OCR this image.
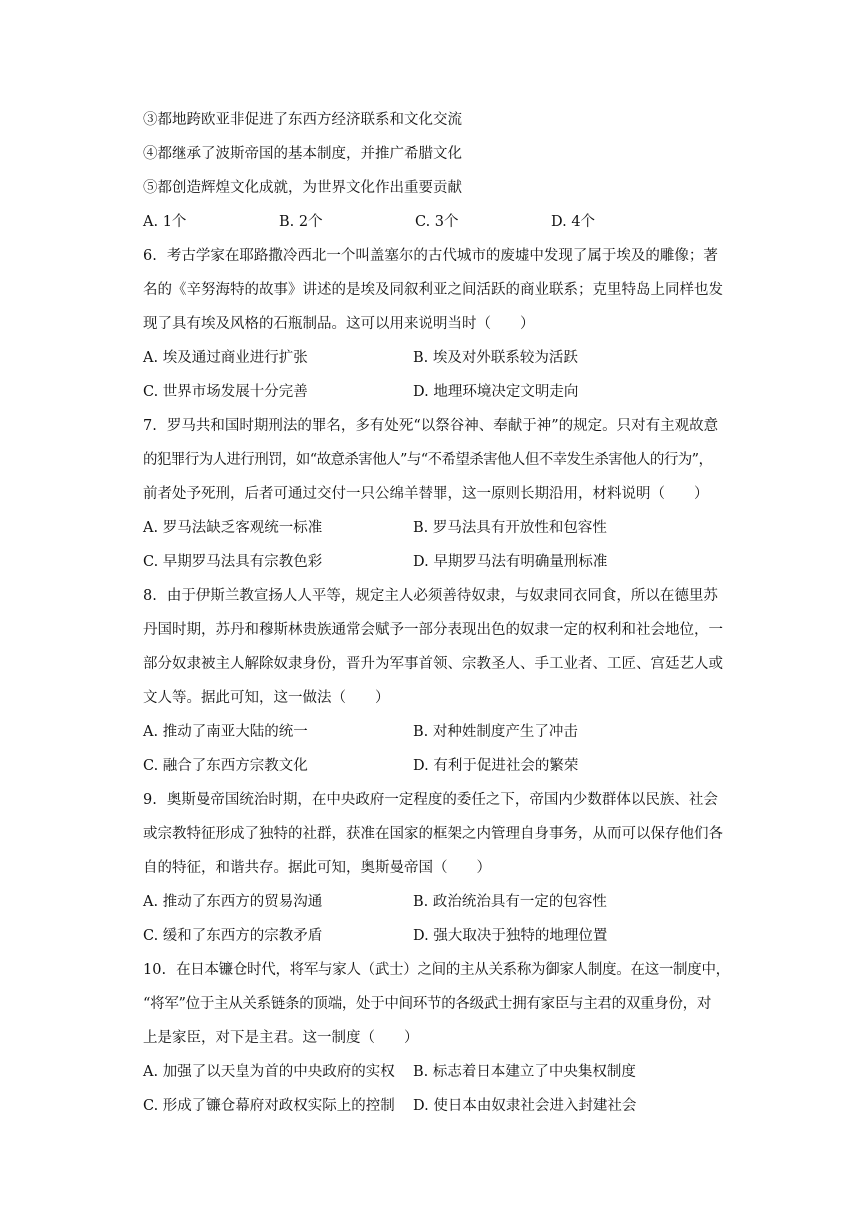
③都地跨欧亚非促进了东西方经济联系和文化交流
④都继承了波斯帝国的基本制度，并推广希腊文化
⑤都创造辉煌文化成就，为世界文化作出重要贡献
A. 1个	B. 2个	C. 3个	D. 4个
6. 考古学家在耶路撒冷西北一个叫盖塞尔的古代城市的废墟中发现了属于埃及的雕像；著
名的《辛努海特的故事》讲述的是埃及同叙利亚之间活跃的商业联系；克里特岛上同样也发
现了具有埃及风格的石瓶制品。这可以用来说明当时（　　）
A. 埃及通过商业进行扩张	B. 埃及对外联系较为活跃
C. 世界市场发展十分完善	D. 地理环境决定文明走向
7. 罗马共和国时期刑法的罪名，多有处死“以祭谷神、奉献于神”的规定。只对有主观故意
的犯罪行为人进行刑罚，如“故意杀害他人”与“不希望杀害他人但不幸发生杀害他人的行为”，
前者处予死刑，后者可通过交付一只公绵羊替罪，这一原则长期沿用，材料说明（　　）
A. 罗马法缺乏客观统一标准	B. 罗马法具有开放性和包容性
C. 早期罗马法具有宗教色彩	D. 早期罗马法有明确量刑标准
8. 由于伊斯兰教宣扬人人平等，规定主人必须善待奴隶，与奴隶同衣同食，所以在德里苏
丹国时期，苏丹和穆斯林贵族通常会赋予一部分表现出色的奴隶一定的权利和社会地位，一
部分奴隶被主人解除奴隶身份，晋升为军事首领、宗教圣人、手工业者、工匠、宫廷艺人或
文人等。据此可知，这一做法（　　）
A. 推动了南亚大陆的统一	B. 对种姓制度产生了冲击
C. 融合了东西方宗教文化	D. 有利于促进社会的繁荣
9. 奥斯曼帝国统治时期，在中央政府一定程度的委任之下，帝国内少数群体以民族、社会
或宗教特征形成了独特的社群，获准在国家的框架之内管理自身事务，从而可以保存他们各
自的特征，和谐共存。据此可知，奥斯曼帝国（　　）
A. 推动了东西方的贸易沟通	B. 政治统治具有一定的包容性
C. 缓和了东西方的宗教矛盾	D. 强大取决于独特的地理位置
10. 在日本镰仓时代，将军与家人（武士）之间的主从关系称为御家人制度。在这一制度中，
“将军”位于主从关系链条的顶端，处于中间环节的各级武士拥有家臣与主君的双重身份，对
上是家臣，对下是主君。这一制度（　　）
A. 加强了以天皇为首的中央政府的实权	B. 标志着日本建立了中央集权制度
C. 形成了镰仓幕府对政权实际上的控制	D. 使日本由奴隶社会进入封建社会
